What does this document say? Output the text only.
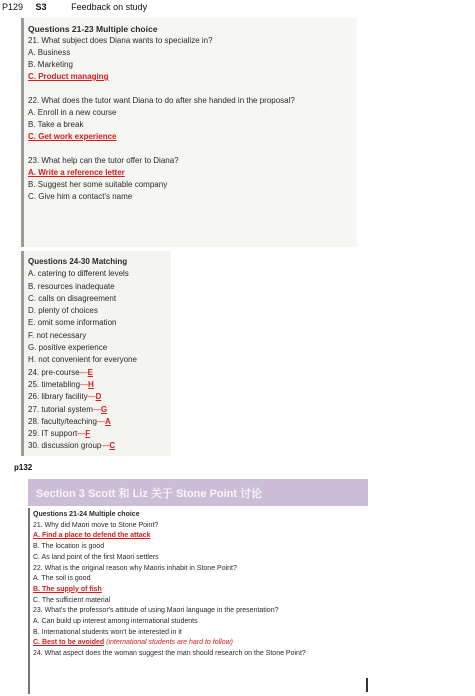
P129 S3	Feedback on study
Questions 21-23 Multiple choice
21. What subject does Diana wants to specialize in?
A. Business
B. Marketing
C. Product managing
22. What does the tutor want Diana to do after she handed in the proposal?
A. Enroll in a new course
B. Take a break
C. Get work experience
23. What help can the tutor offer to Diana?
A. Write a reference letter
B. Suggest her some suitable company
C. Give him a contact's name
Questions 24-30 Matching
A. catering to different levels
B. resources inadequate
C. calls on disagreement
D. plenty of choices
E. omit some information
F. not necessary
G. positive experience
H. not convenient for everyone
24. pre-course—E
25. timetabling—H
26. library facility—D
27. tutorial system—G
28. faculty/teaching—A
29. IT support—F
30. discussion group—C
p132
Section 3 Scott 和 Liz 关于 Stone Point 讨论
Questions 21-24 Multiple choice
21. Why did Maori move to Stone Point?
A. Find a place to defend the attack
B. The location is good
C. As land point of the first Maori settlers
22. What is the original reason why Maoris inhabit in Stone Point?
A. The soil is good
B. The supply of fish
C. The sufficient material
23. What's the professor's attitude of using Maori language in the presentation?
A. Can build up interest among international students
B. International students won't be interested in it
C. Best to be avoided (international students are hard to follow)
24. What aspect does the woman suggest the man should research on the Stone Point?
